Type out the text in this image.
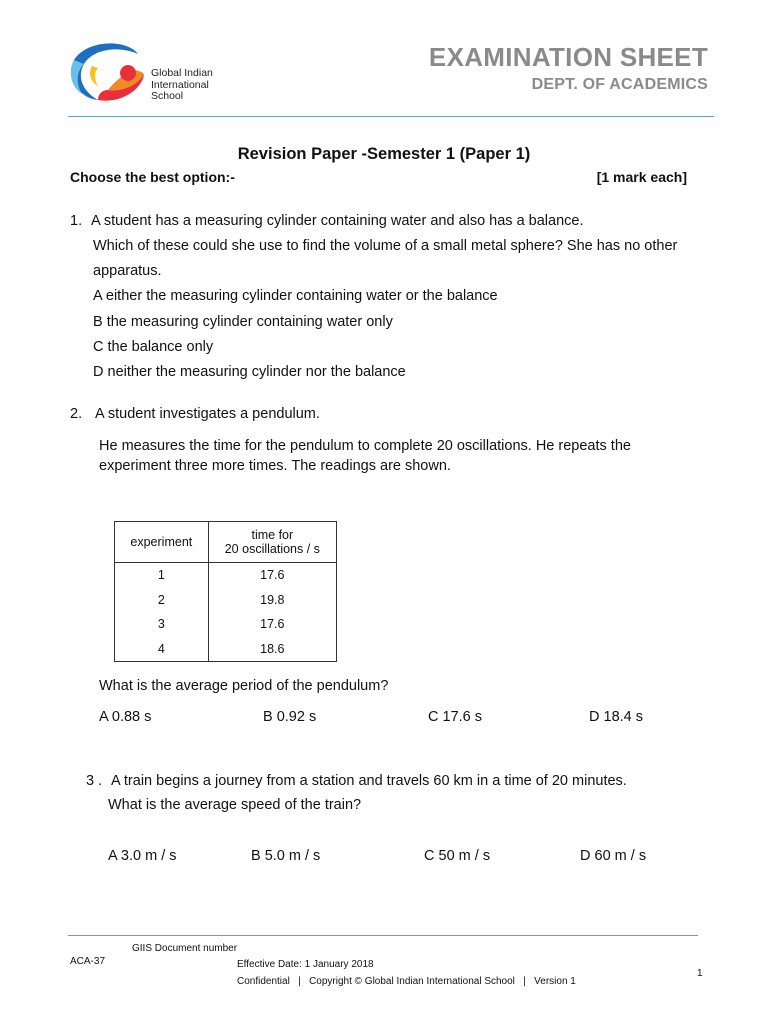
Global Indian
International
School
EXAMINATION SHEET
DEPT. OF ACADEMICS
Revision Paper -Semester 1 (Paper 1)
Choose the best option:-	[1 mark each]
1. A student has a measuring cylinder containing water and also has a balance.
Which of these could she use to find the volume of a small metal sphere? She has no other
apparatus.
A either the measuring cylinder containing water or the balance
B the measuring cylinder containing water only
C the balance only
D neither the measuring cylinder nor the balance
2. A student investigates a pendulum.
He measures the time for the pendulum to complete 20 oscillations. He repeats the
experiment three more times. The readings are shown.
experiment	time for
20 oscillations / s

1	17.6
2	19.8
3	17.6
4	18.6
What is the average period of the pendulum?
A 0.88 s	B 0.92 s	C 17.6 s	D 18.4 s
3 . A train begins a journey from a station and travels 60 km in a time of 20 minutes.
What is the average speed of the train?
A 3.0 m / s	B 5.0 m / s	C 50 m / s	D 60 m / s
GIIS Document number
ACA-37	Effective Date: 1 January 2018
1
Confidential   |   Copyright © Global Indian International School   |   Version 1
